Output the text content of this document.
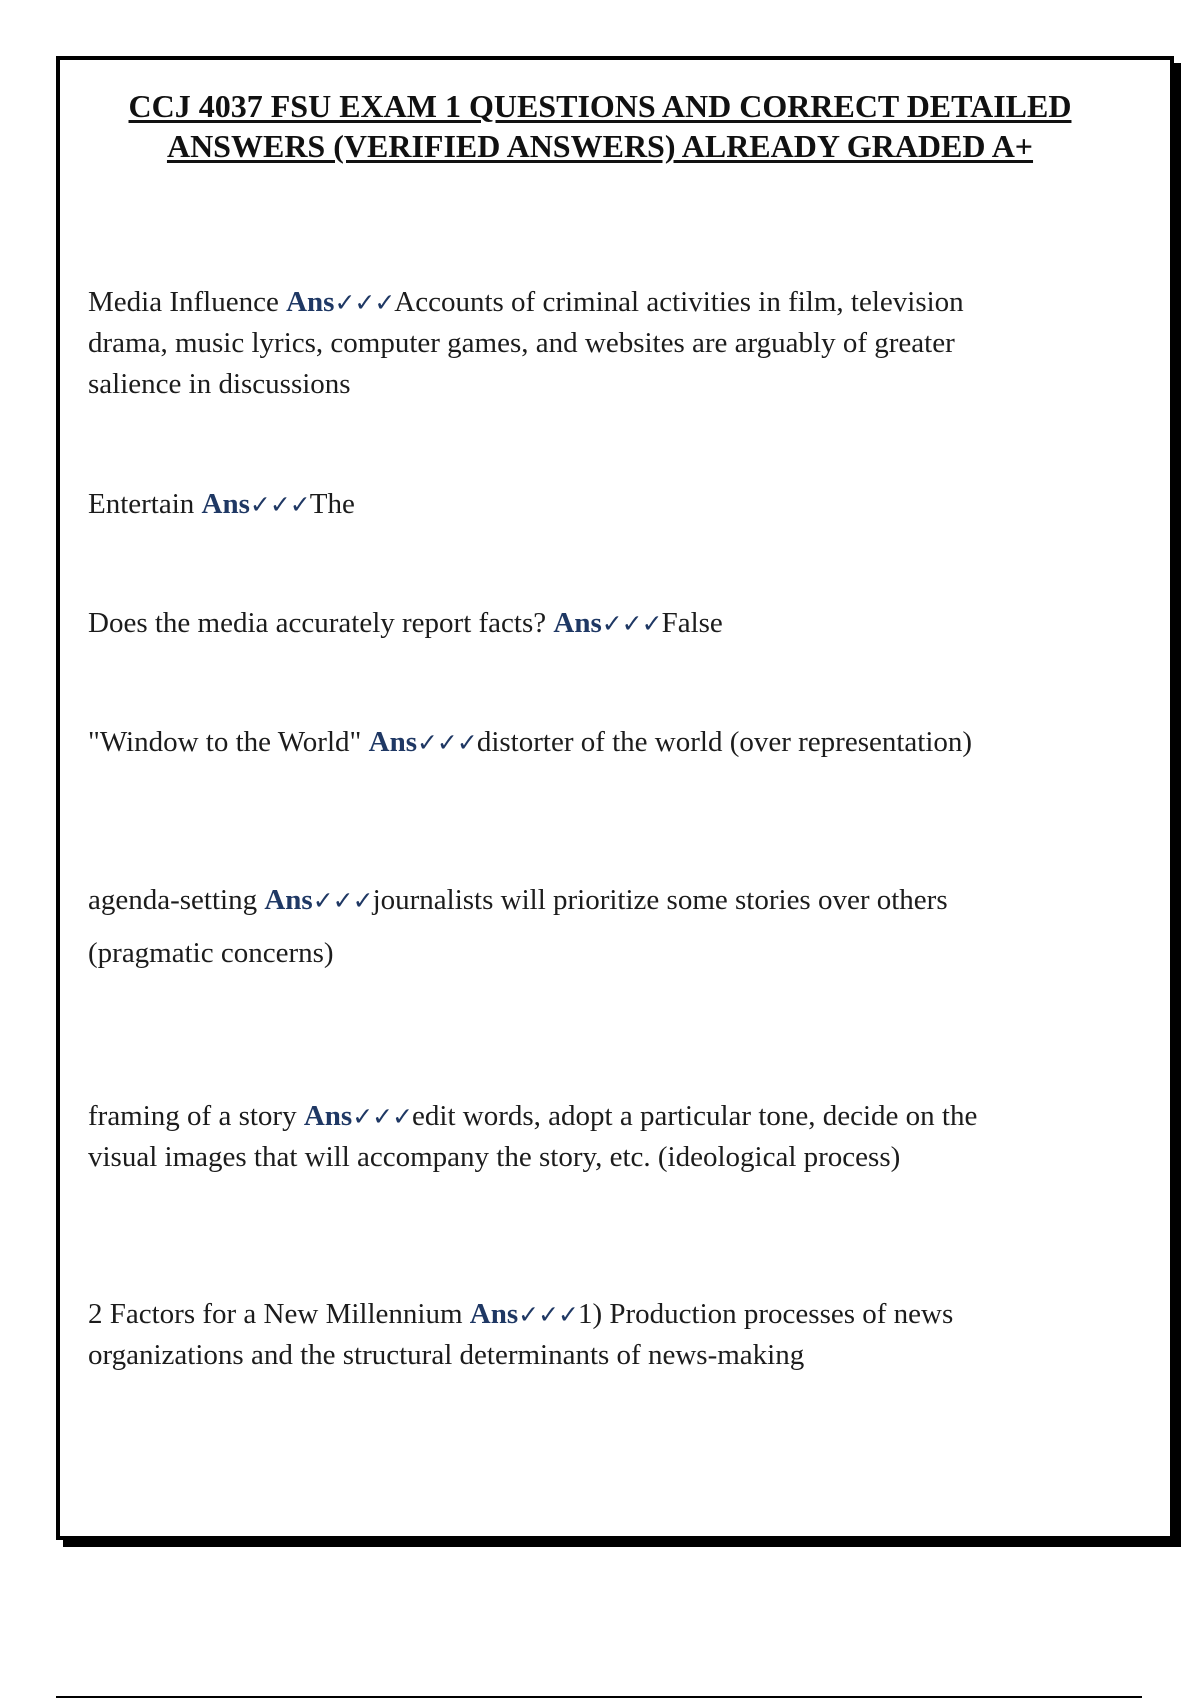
CCJ 4037 FSU EXAM 1 QUESTIONS AND CORRECT DETAILED ANSWERS (VERIFIED ANSWERS) ALREADY GRADED A+
Media Influence Ans✓✓✓Accounts of criminal activities in film, television drama, music lyrics, computer games, and websites are arguably of greater salience in discussions
Entertain Ans✓✓✓The
Does the media accurately report facts? Ans✓✓✓False
"Window to the World" Ans✓✓✓distorter of the world (over representation)
agenda-setting Ans✓✓✓journalists will prioritize some stories over others
(pragmatic concerns)
framing of a story Ans✓✓✓edit words, adopt a particular tone, decide on the visual images that will accompany the story, etc. (ideological process)
2 Factors for a New Millennium Ans✓✓✓1) Production processes of news organizations and the structural determinants of news-making
